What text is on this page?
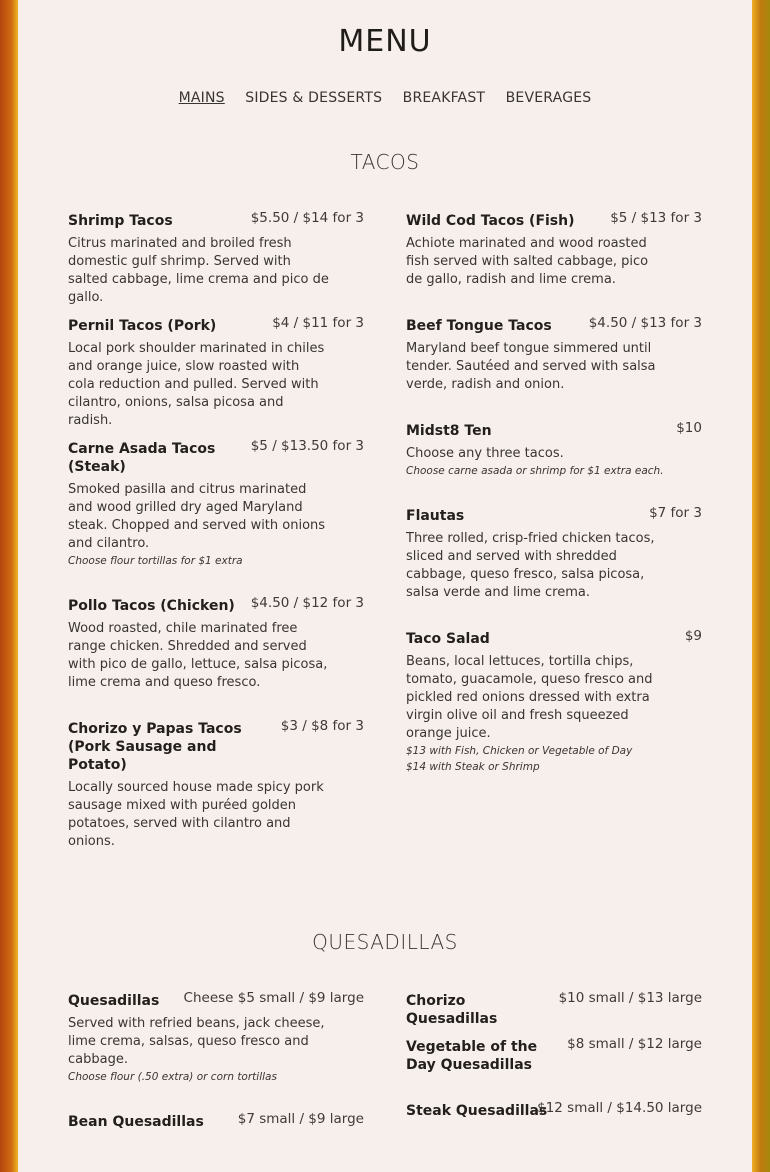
MENU
MAINS SIDES & DESSERTS BREAKFAST BEVERAGES
TACOS
Shrimp Tacos	$5.50 / $14 for 3
Citrus marinated and broiled fresh domestic gulf shrimp. Served with salted cabbage, lime crema and pico de gallo.
Pernil Tacos (Pork)	$4 / $11 for 3
Local pork shoulder marinated in chiles and orange juice, slow roasted with cola reduction and pulled. Served with cilantro, onions, salsa picosa and radish.
Carne Asada Tacos (Steak)
$5 / $13.50 for 3
Smoked pasilla and citrus marinated and wood grilled dry aged Maryland steak. Chopped and served with onions and cilantro.
Choose flour tortillas for $1 extra
Pollo Tacos (Chicken)	$4.50 / $12 for 3
Wood roasted, chile marinated free range chicken. Shredded and served with pico de gallo, lettuce, salsa picosa, lime crema and queso fresco.
Chorizo y Papas Tacos (Pork Sausage and Potato)
$3 / $8 for 3
Locally sourced house made spicy pork sausage mixed with puréed golden potatoes, served with cilantro and onions.
Wild Cod Tacos (Fish)	$5 / $13 for 3
Achiote marinated and wood roasted fish served with salted cabbage, pico de gallo, radish and lime crema.
Beef Tongue Tacos	$4.50 / $13 for 3
Maryland beef tongue simmered until tender. Sautéed and served with salsa verde, radish and onion.
Midst8 Ten	$10
Choose any three tacos.
Choose carne asada or shrimp for $1 extra each.
Flautas	$7 for 3
Three rolled, crisp-fried chicken tacos, sliced and served with shredded cabbage, queso fresco, salsa picosa, salsa verde and lime crema.
Taco Salad	$9
Beans, local lettuces, tortilla chips, tomato, guacamole, queso fresco and pickled red onions dressed with extra virgin olive oil and fresh squeezed orange juice.
$13 with Fish, Chicken or Vegetable of Day
$14 with Steak or Shrimp
QUESADILLAS
Quesadillas	Cheese $5 small / $9 large
Served with refried beans, jack cheese, lime crema, salsas, queso fresco and cabbage.
Choose flour (.50 extra) or corn tortillas
Bean Quesadillas	$7 small / $9 large
Chorizo Quesadillas
$10 small / $13 large
Vegetable of the Day Quesadillas
$8 small / $12 large
Steak Quesadillas
$12 small / $14.50 large
